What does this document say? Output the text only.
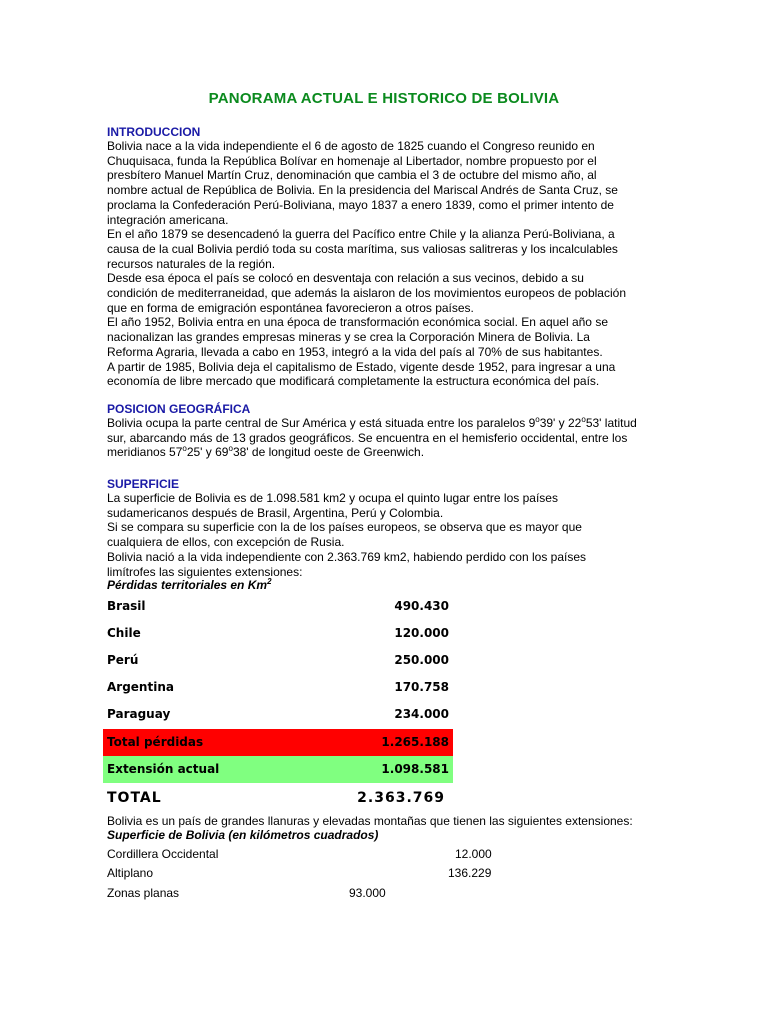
PANORAMA ACTUAL E HISTORICO DE BOLIVIA
INTRODUCCION

Bolivia nace a la vida independiente el 6 de agosto de 1825 cuando el Congreso reunido en

Chuquisaca, funda la República Bolívar en homenaje al Libertador, nombre propuesto por el

presbítero Manuel Martín Cruz, denominación que cambia el 3 de octubre del mismo año, al

nombre actual de República de Bolivia. En la presidencia del Mariscal Andrés de Santa Cruz, se

proclama la Confederación Perú-Boliviana, mayo 1837 a enero 1839, como el primer intento de

integración americana.

En el año 1879 se desencadenó la guerra del Pacífico entre Chile y la alianza Perú-Boliviana, a

causa de la cual Bolivia perdió toda su costa marítima, sus valiosas salitreras y los incalculables

recursos naturales de la región.

Desde esa época el país se colocó en desventaja con relación a sus vecinos, debido a su

condición de mediterraneidad, que además la aislaron de los movimientos europeos de población

que en forma de emigración espontánea favorecieron a otros países.

El año 1952, Bolivia entra en una época de transformación económica social. En aquel año se

nacionalizan las grandes empresas mineras y se crea la Corporación Minera de Bolivia. La

Reforma Agraria, llevada a cabo en 1953, integró a la vida del país al 70% de sus habitantes.

A partir de 1985, Bolivia deja el capitalismo de Estado, vigente desde 1952, para ingresar a una

economía de libre mercado que modificará completamente la estructura económica del país.

POSICION GEOGRÁFICA

Bolivia ocupa la parte central de Sur América y está situada entre los paralelos 9$^o$39' y 22$^o$53' latitud

sur, abarcando más de 13 grados geográficos. Se encuentra en el hemisferio occidental, entre los

meridianos 57$^o$25' y 69$^o$38' de longitud oeste de Greenwich.

SUPERFICIE

La superficie de Bolivia es de 1.098.581 km2 y ocupa el quinto lugar entre los países

sudamericanos después de Brasil, Argentina, Perú y Colombia.

Si se compara su superficie con la de los países europeos, se observa que es mayor que

cualquiera de ellos, con excepción de Rusia.

Bolivia nació a la vida independiente con 2.363.769 km2, habiendo perdido con los países

limítrofes las siguientes extensiones:

Pérdidas territoriales en Km$^2$
Brasil	490.430
Chile	120.000
Perú	250.000
Argentina	170.758
Paraguay	234.000
Total pérdidas	1.265.188
Extensión actual	1.098.581
TOTAL	2.363.769
Bolivia es un país de grandes llanuras y elevadas montañas que tienen las siguientes extensiones:
Superficie de Bolivia (en kilómetros cuadrados)
Cordillera Occidental	12.000
Altiplano	136.229
Zonas planas	93.000
